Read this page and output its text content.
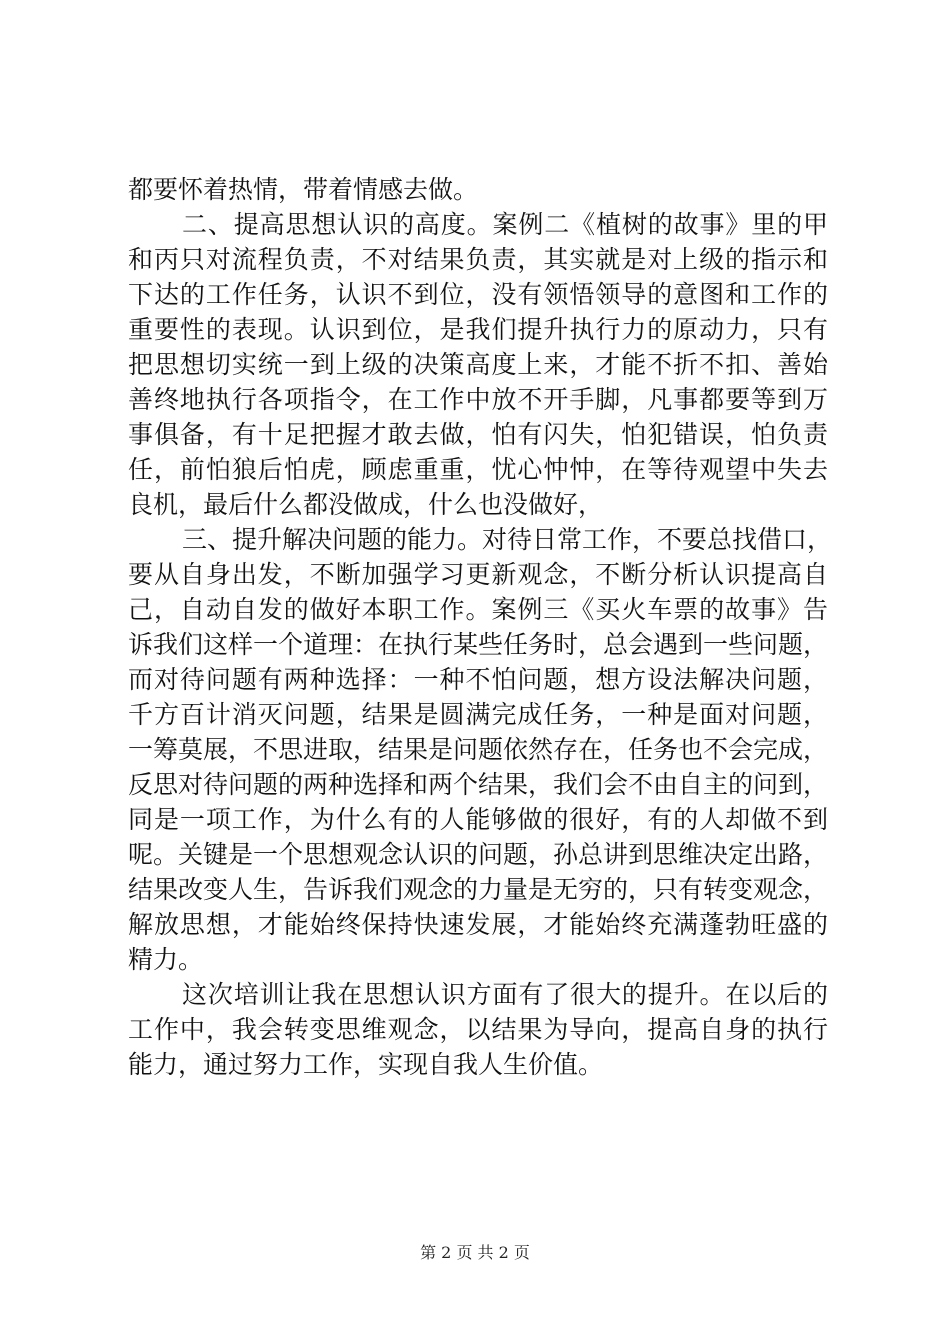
都要怀着热情，带着情感去做。
二、提高思想认识的高度。案例二《植树的故事》里的甲
和丙只对流程负责，不对结果负责，其实就是对上级的指示和
下达的工作任务，认识不到位，没有领悟领导的意图和工作的
重要性的表现。认识到位，是我们提升执行力的原动力，只有
把思想切实统一到上级的决策高度上来，才能不折不扣、善始
善终地执行各项指令，在工作中放不开手脚，凡事都要等到万
事俱备，有十足把握才敢去做，怕有闪失，怕犯错误，怕负责
任，前怕狼后怕虎，顾虑重重，忧心忡忡，在等待观望中失去
良机，最后什么都没做成，什么也没做好，
三、提升解决问题的能力。对待日常工作，不要总找借口，
要从自身出发，不断加强学习更新观念，不断分析认识提高自
己，自动自发的做好本职工作。案例三《买火车票的故事》告
诉我们这样一个道理：在执行某些任务时，总会遇到一些问题，
而对待问题有两种选择：一种不怕问题，想方设法解决问题，
千方百计消灭问题，结果是圆满完成任务，一种是面对问题，
一筹莫展，不思进取，结果是问题依然存在，任务也不会完成，
反思对待问题的两种选择和两个结果，我们会不由自主的问到，
同是一项工作，为什么有的人能够做的很好，有的人却做不到
呢。关键是一个思想观念认识的问题，孙总讲到思维决定出路，
结果改变人生，告诉我们观念的力量是无穷的，只有转变观念，
解放思想，才能始终保持快速发展，才能始终充满蓬勃旺盛的
精力。
这次培训让我在思想认识方面有了很大的提升。在以后的
工作中，我会转变思维观念，以结果为导向，提高自身的执行
能力，通过努力工作，实现自我人生价值。
第 2 页 共 2 页
